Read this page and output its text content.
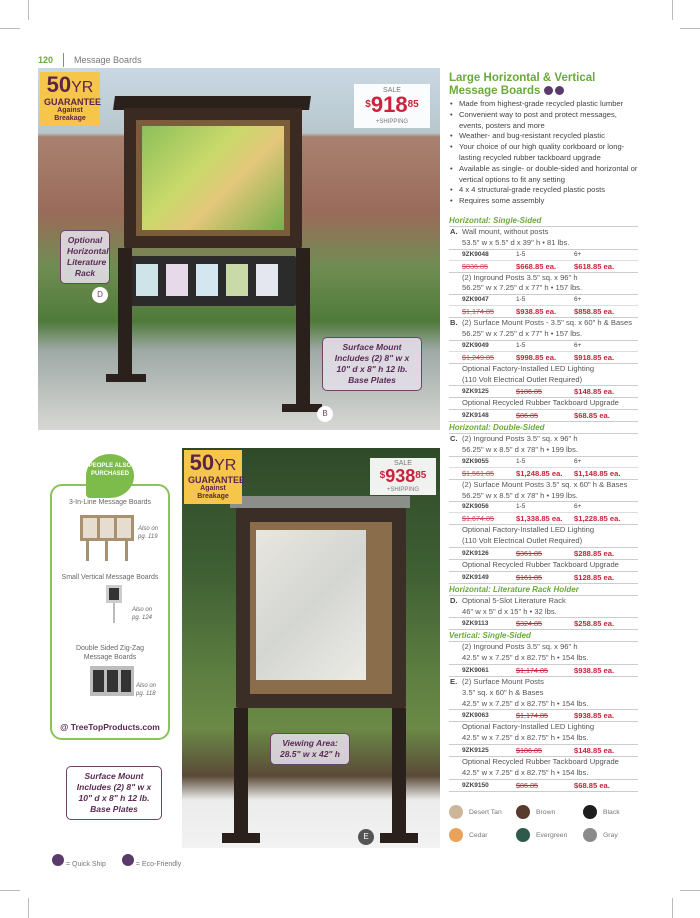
120 Message Boards
50YR
GUARANTEE
Against Breakage
SALE
$^{\$}918^{85}$
+SHIPPING
Optional Horizontal Literature Rack
D
Surface Mount Includes (2) 8" w x 10" d x 8" h 12 lb. Base Plates
B
50YR
GUARANTEE
Against Breakage
SALE
$^{\$}938^{85}$
+SHIPPING
Viewing Area: 28.5" w x 42" h
E
Surface Mount Includes (2) 8" w x 10" d x 8" h 12 lb. Base Plates
PEOPLE ALSO PURCHASED
3-In-Line Message Boards
Also on pg. 119
Small Vertical Message Boards
Also on pg. 124
Double Sided Zig-Zag Message Boards
Also on pg. 118
@ TreeTopProducts.com
= Quick Ship	= Eco-Friendly
Large Horizontal & Vertical Message Boards
• Made from highest-grade recycled plastic lumber
• Convenient way to post and protect messages, events, posters and more
• Weather- and bug-resistant recycled plastic
• Your choice of our high quality corkboard or long-lasting recycled rubber tackboard upgrade
• Available as single- or double-sided and horizontal or vertical options to fit any setting
• 4 x 4 structural-grade recycled plastic posts
• Requires some assembly
Horizontal: Single-Sided
A. Wall mount, without posts
53.5" w x 5.5" d x 39" h • 81 lbs.
9ZK9048	1-5	6+
$836.85	$668.85 ea.	$618.85 ea.
(2) Inground Posts 3.5" sq. x 96" h
56.25" w x 7.25" d x 77" h • 157 lbs.
9ZK9047	1-5	6+
$1,174.85	$938.85 ea.	$858.85 ea.
B. (2) Surface Mount Posts - 3.5" sq. x 60" h & Bases
56.25" w x 7.25" d x 77" h • 157 lbs.
9ZK9049	1-5	6+
$1,249.85	$998.85 ea.	$918.85 ea.
Optional Factory-Installed LED Lighting
(110 Volt Electrical Outlet Required)
9ZK9125	$186.85	$148.85 ea.
Optional Recycled Rubber Tackboard Upgrade
9ZK9148	$86.85	$68.85 ea.
Horizontal: Double-Sided
C. (2) Inground Posts 3.5" sq. x 96" h
56.25" w x 8.5" d x 78" h • 199 lbs.
9ZK9055	1-5	6+
$1,561.85	$1,248.85 ea.	$1,148.85 ea.
(2) Surface Mount Posts 3.5" sq. x 60" h & Bases
56.25" w x 8.5" d x 78" h • 199 lbs.
9ZK9056	1-5	6+
$1,674.85	$1,338.85 ea.	$1,228.85 ea.
Optional Factory-Installed LED Lighting
(110 Volt Electrical Outlet Required)
9ZK9126	$361.85	$288.85 ea.
Optional Recycled Rubber Tackboard Upgrade
9ZK9149	$161.85	$128.85 ea.
Horizontal: Literature Rack Holder
D. Optional 5-Slot Literature Rack
46" w x 5" d x 15" h • 32 lbs.
9ZK9113	$324.85	$258.85 ea.
Vertical: Single-Sided
(2) Inground Posts 3.5" sq. x 96" h
42.5" w x 7.25" d x 82.75" h • 154 lbs.
9ZK9061	$1,174.85	$938.85 ea.
E. (2) Surface Mount Posts
3.5" sq. x 60" h & Bases
42.5" w x 7.25" d x 82.75" h • 154 lbs.
9ZK9063	$1,174.85	$938.85 ea.
Optional Factory-Installed LED Lighting
42.5" w x 7.25" d x 82.75" h • 154 lbs.
9ZK9125	$186.85	$148.85 ea.
Optional Recycled Rubber Tackboard Upgrade
42.5" w x 7.25" d x 82.75" h • 154 lbs.
9ZK9150	$86.85	$68.85 ea.
Desert Tan	Brown	Black
Cedar	Evergreen	Gray
